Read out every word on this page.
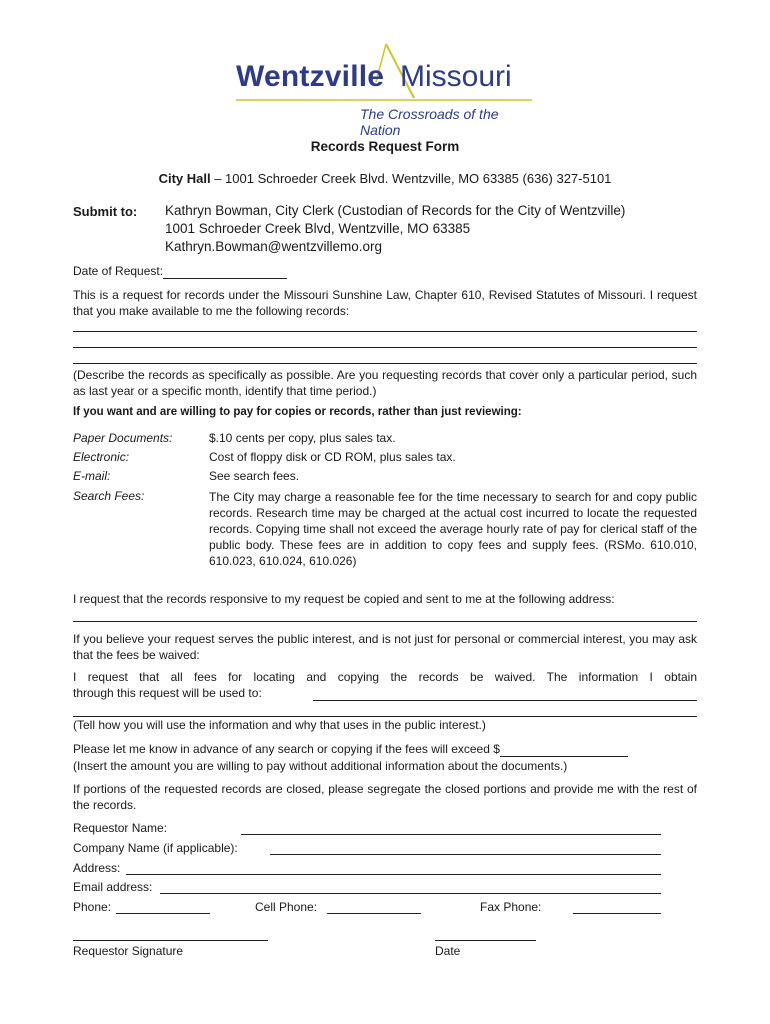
Wentzville Missouri
The Crossroads of the Nation
Records Request Form
City Hall – 1001 Schroeder Creek Blvd. Wentzville, MO 63385 (636) 327-5101
Submit to: Kathryn Bowman, City Clerk (Custodian of Records for the City of Wentzville)
1001 Schroeder Creek Blvd, Wentzville, MO 63385
Kathryn.Bowman@wentzvillemo.org
Date of Request:
This is a request for records under the Missouri Sunshine Law, Chapter 610, Revised Statutes of Missouri. I request that you make available to me the following records:
(Describe the records as specifically as possible. Are you requesting records that cover only a particular period, such as last year or a specific month, identify that time period.)
If you want and are willing to pay for copies or records, rather than just reviewing:
Paper Documents:	$.10 cents per copy, plus sales tax.
Electronic:	Cost of floppy disk or CD ROM, plus sales tax.
E-mail:	See search fees.
Search Fees:	The City may charge a reasonable fee for the time necessary to search for and copy public records. Research time may be charged at the actual cost incurred to locate the requested records. Copying time shall not exceed the average hourly rate of pay for clerical staff of the public body. These fees are in addition to copy fees and supply fees. (RSMo. 610.010, 610.023, 610.024, 610.026)
I request that the records responsive to my request be copied and sent to me at the following address:
If you believe your request serves the public interest, and is not just for personal or commercial interest, you may ask that the fees be waived:
I request that all fees for locating and copying the records be waived. The information I obtain
through this request will be used to:
(Tell how you will use the information and why that uses in the public interest.)
Please let me know in advance of any search or copying if the fees will exceed $
(Insert the amount you are willing to pay without additional information about the documents.)
If portions of the requested records are closed, please segregate the closed portions and provide me with the rest of the records.
Requestor Name:
Company Name (if applicable):
Address:
Email address:
Phone:	Cell Phone:	Fax Phone:
Requestor Signature	Date
